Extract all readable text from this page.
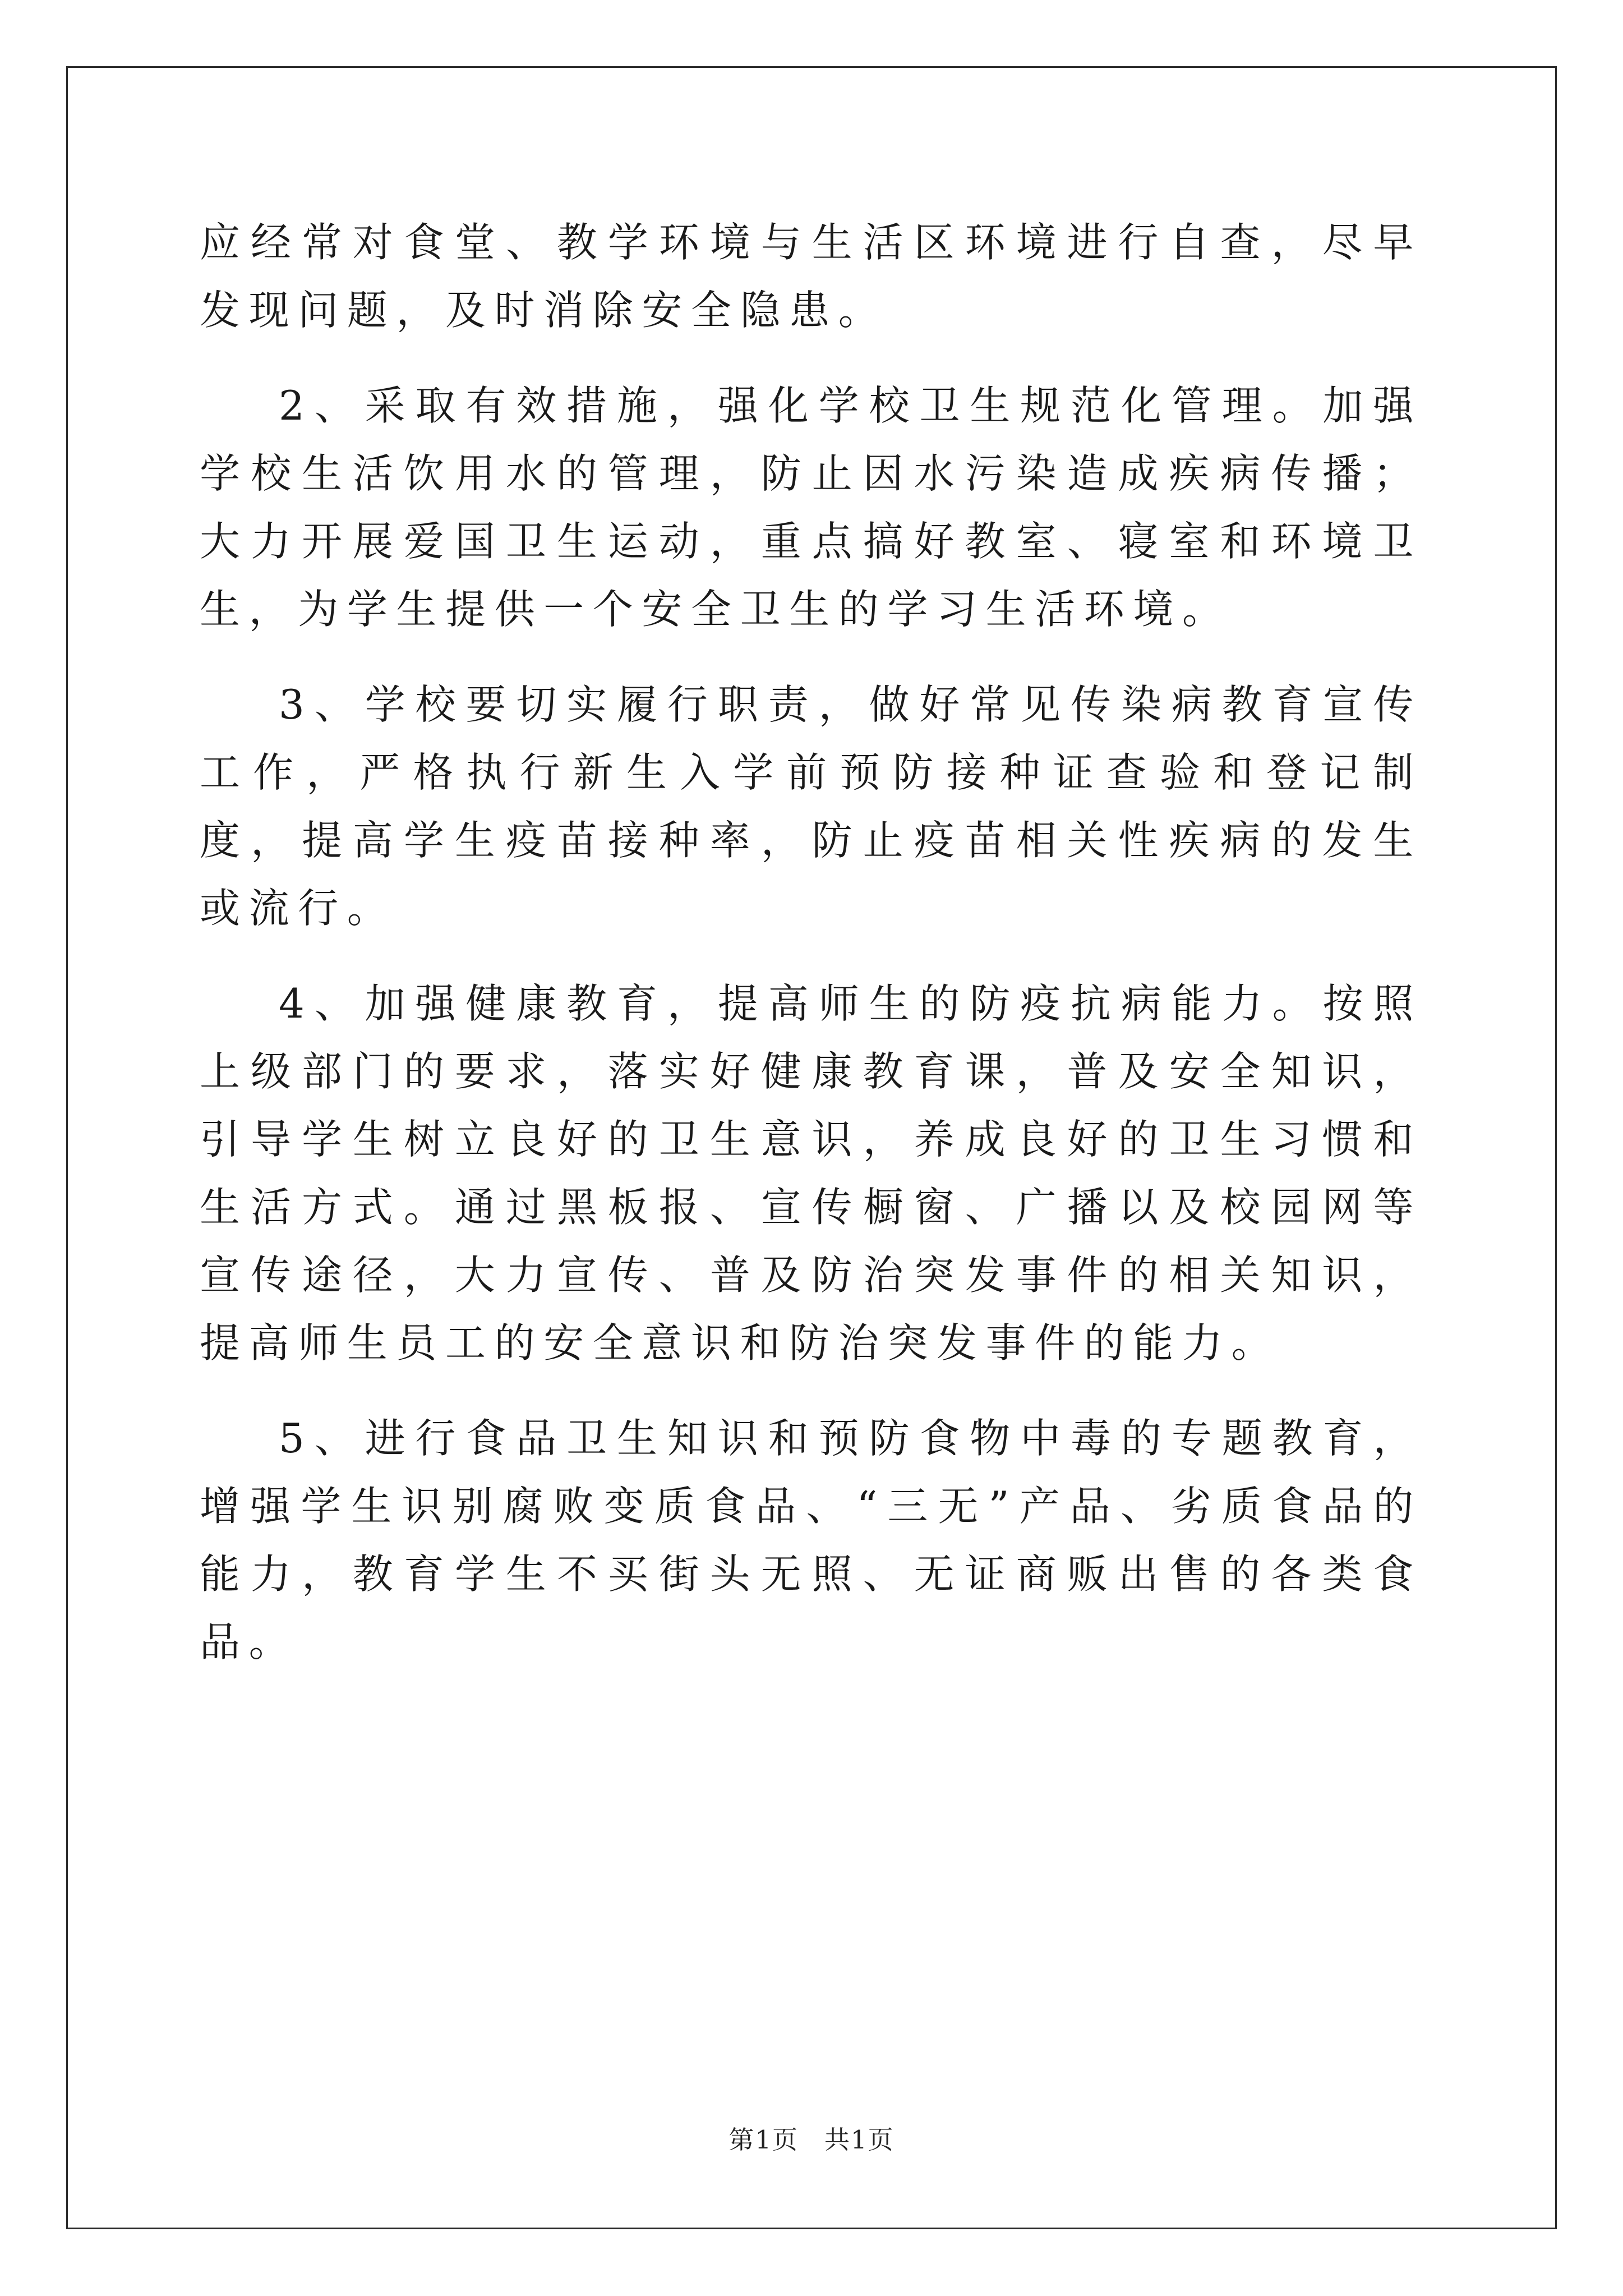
应经常对食堂、教学环境与生活区环境进行自查，尽早发现问题，及时消除安全隐患。

2、采取有效措施，强化学校卫生规范化管理。加强学校生活饮用水的管理，防止因水污染造成疾病传播；大力开展爱国卫生运动，重点搞好教室、寝室和环境卫生，为学生提供一个安全卫生的学习生活环境。

3、学校要切实履行职责，做好常见传染病教育宣传工作，严格执行新生入学前预防接种证查验和登记制度，提高学生疫苗接种率，防止疫苗相关性疾病的发生或流行。

4、加强健康教育，提高师生的防疫抗病能力。按照上级部门的要求，落实好健康教育课，普及安全知识，引导学生树立良好的卫生意识，养成良好的卫生习惯和生活方式。通过黑板报、宣传橱窗、广播以及校园网等宣传途径，大力宣传、普及防治突发事件的相关知识，提高师生员工的安全意识和防治突发事件的能力。

5、进行食品卫生知识和预防食物中毒的专题教育，增强学生识别腐败变质食品、“三无”产品、劣质食品的能力，教育学生不买街头无照、无证商贩出售的各类食品。

第1页 共1页
